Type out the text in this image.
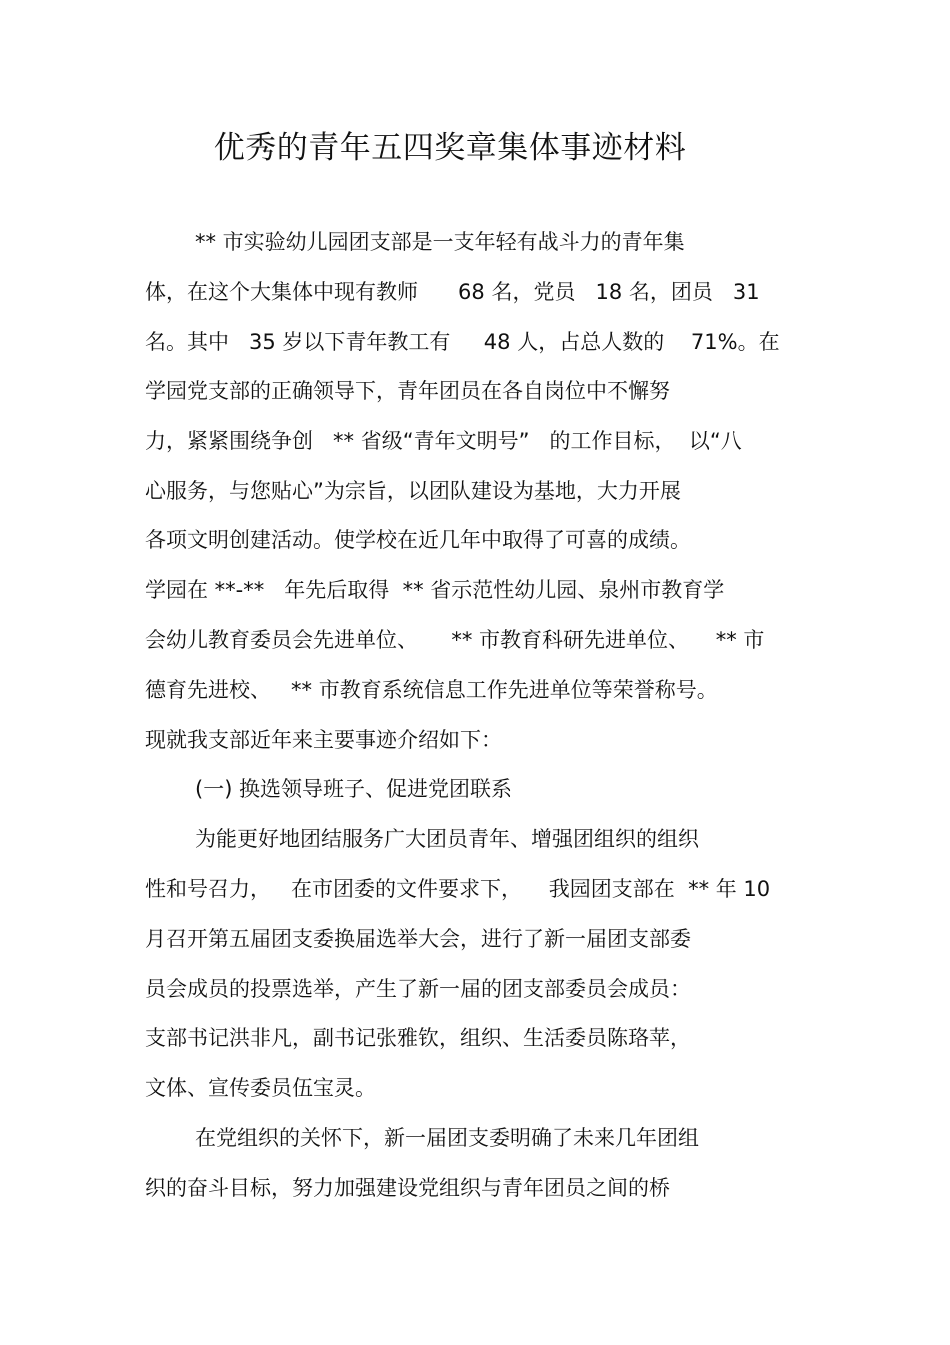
优秀的青年五四奖章集体事迹材料
** 市实验幼儿园团支部是一支年轻有战斗力的青年集
体，在这个大集体中现有教师      68 名，党员   18 名，团员   31
名。其中   35 岁以下青年教工有     48 人，占总人数的    71%。在
学园党支部的正确领导下，青年团员在各自岗位中不懈努
力，紧紧围绕争创   ** 省级“青年文明号”   的工作目标，  以“八
心服务，与您贴心”为宗旨，以团队建设为基地，大力开展
各项文明创建活动。使学校在近几年中取得了可喜的成绩。
学园在 **-**   年先后取得  ** 省示范性幼儿园、泉州市教育学
会幼儿教育委员会先进单位、     ** 市教育科研先进单位、    ** 市
德育先进校、   ** 市教育系统信息工作先进单位等荣誉称号。
现就我支部近年来主要事迹介绍如下：
(一) 换选领导班子、促进党团联系
为能更好地团结服务广大团员青年、增强团组织的组织
性和号召力，   在市团委的文件要求下，    我园团支部在  ** 年 10
月召开第五届团支委换届选举大会，进行了新一届团支部委
员会成员的投票选举，产生了新一届的团支部委员会成员：
支部书记洪非凡，副书记张雅钦，组织、生活委员陈珞苹，
文体、宣传委员伍宝灵。
在党组织的关怀下，新一届团支委明确了未来几年团组
织的奋斗目标，努力加强建设党组织与青年团员之间的桥
